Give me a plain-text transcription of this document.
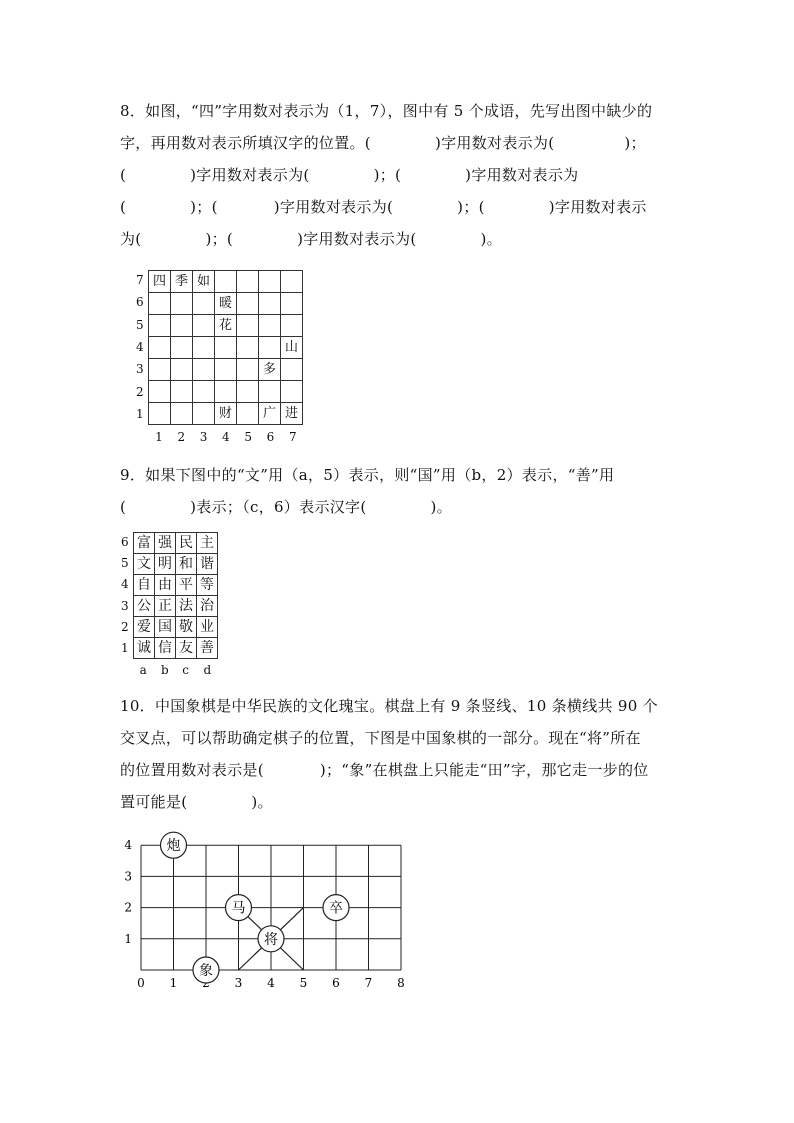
8．如图，“四”字用数对表示为（1，7），图中有 5 个成语，先写出图中缺少的
字，再用数对表示所填汉字的位置。(	)字用数对表示为(	)；
(	)字用数对表示为(	)；(	)字用数对表示为
(	)；(	)字用数对表示为(	)；(	)字用数对表示
为(	)；(	)字用数对表示为(	)。
四	季	如				
			暖			
			花			
						山
					多	

			财		广	进
7
6
5
4
3
2
1
1 2 3 4 5 6 7
9．如果下图中的“文”用（a，5）表示，则“国”用（b，2）表示，“善”用
(	)表示；（c，6）表示汉字(	)。
富	强	民	主
文	明	和	谐
自	由	平	等
公	正	法	治
爱	国	敬	业
诚	信	友	善
6
5
4
3
2
1
a b c d
10．中国象棋是中华民族的文化瑰宝。棋盘上有 9 条竖线、10 条横线共 90 个
交叉点，可以帮助确定棋子的位置，下图是中国象棋的一部分。现在“将”所在
的位置用数对表示是(	)；“象”在棋盘上只能走“田”字，那它走一步的位
置可能是(	)。
0 1	3 4 5 6 7 8
1
2
3
4 炮
马
将
卒
象
